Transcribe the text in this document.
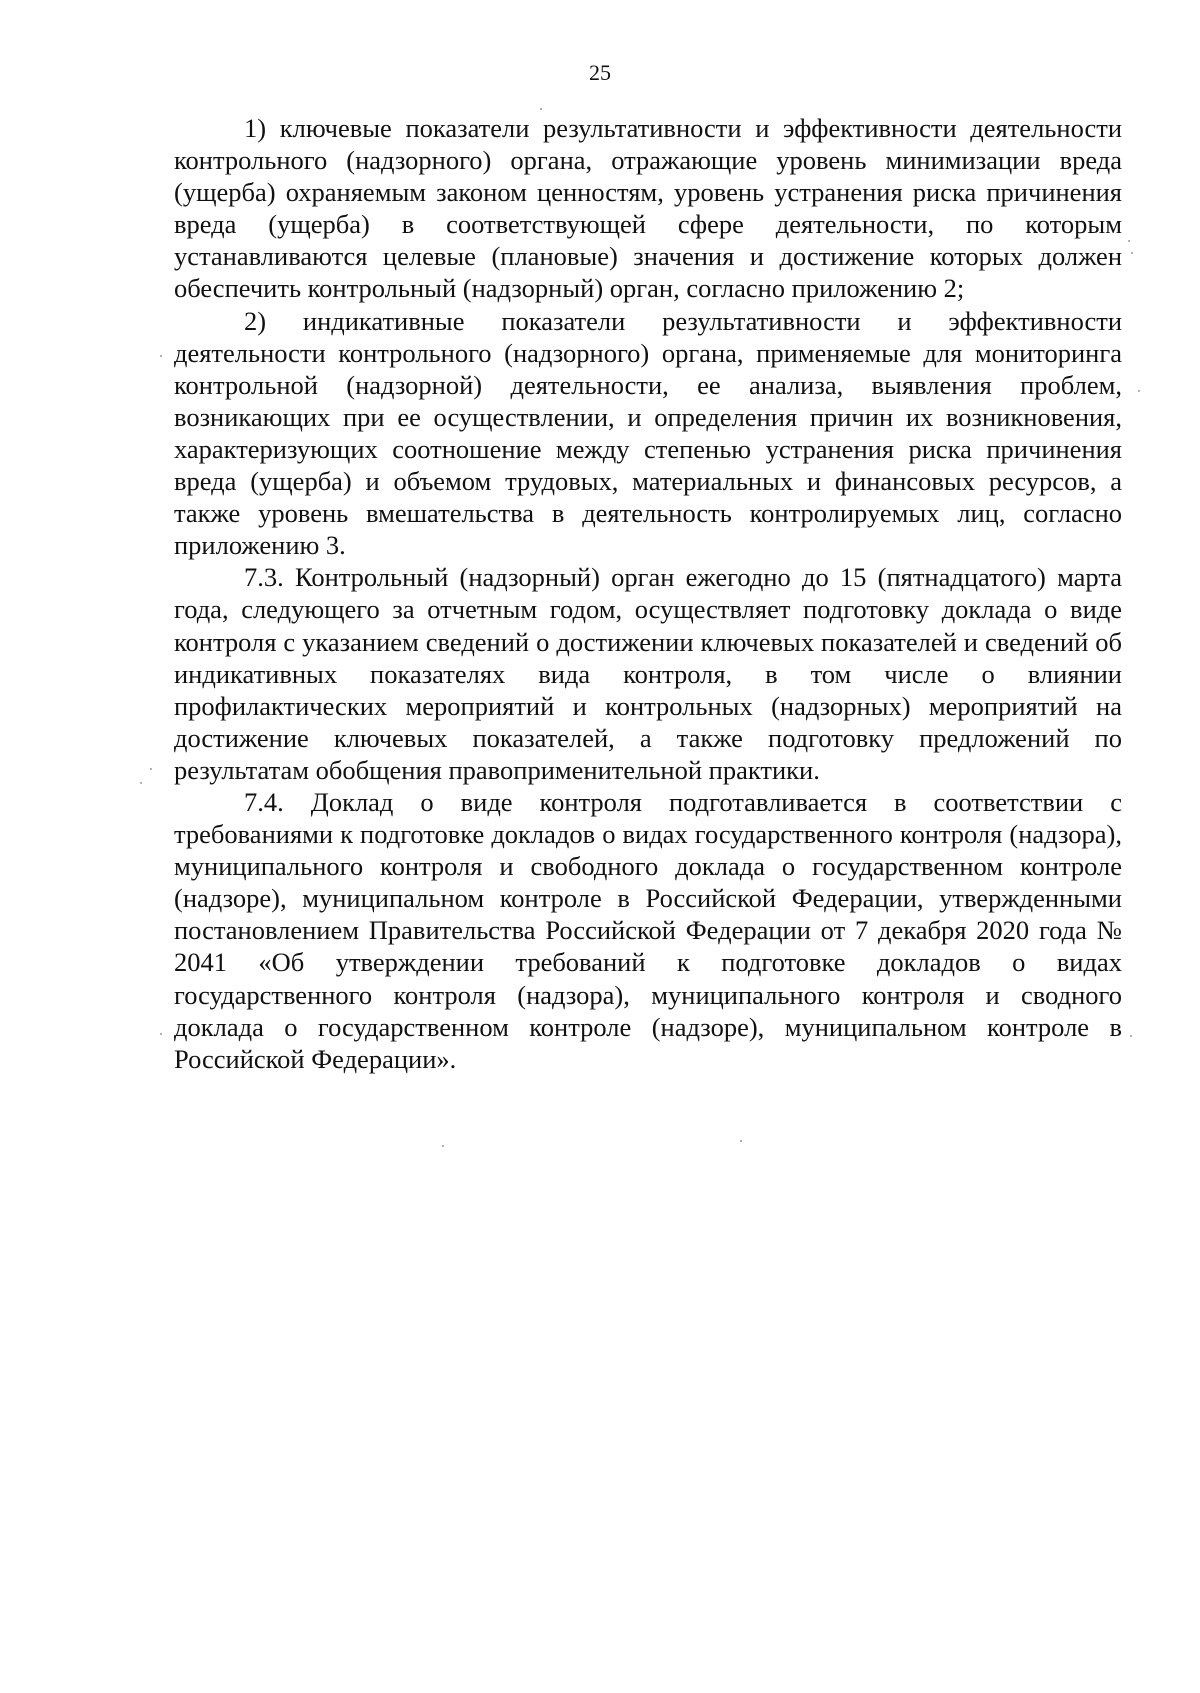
25

1) ключевые показатели результативности и эффективности деятельности контрольного (надзорного) органа, отражающие уровень минимизации вреда (ущерба) охраняемым законом ценностям, уровень устранения риска причинения вреда (ущерба) в соответствующей сфере деятельности, по которым устанавливаются целевые (плановые) значения и достижение которых должен обеспечить контрольный (надзорный) орган, согласно приложению 2;

2) индикативные показатели результативности и эффективности деятельности контрольного (надзорного) органа, применяемые для мониторинга контрольной (надзорной) деятельности, ее анализа, выявления проблем, возникающих при ее осуществлении, и определения причин их возникновения, характеризующих соотношение между степенью устранения риска причинения вреда (ущерба) и объемом трудовых, материальных и финансовых ресурсов, а также уровень вмешательства в деятельность контролируемых лиц, согласно приложению 3.

7.3. Контрольный (надзорный) орган ежегодно до 15 (пятнадцатого) марта года, следующего за отчетным годом, осуществляет подготовку доклада о виде контроля с указанием сведений о достижении ключевых показателей и сведений об индикативных показателях вида контроля, в том числе о влиянии профилактических мероприятий и контрольных (надзорных) мероприятий на достижение ключевых показателей, а также подготовку предложений по результатам обобщения правоприменительной практики.

7.4. Доклад о виде контроля подготавливается в соответствии с требованиями к подготовке докладов о видах государственного контроля (надзора), муниципального контроля и свободного доклада о государственном контроле (надзоре), муниципальном контроле в Российской Федерации, утвержденными постановлением Правительства Российской Федерации от 7 декабря 2020 года № 2041 «Об утверждении требований к подготовке докладов о видах государственного контроля (надзора), муниципального контроля и сводного доклада о государственном контроле (надзоре), муниципальном контроле в Российской Федерации».
